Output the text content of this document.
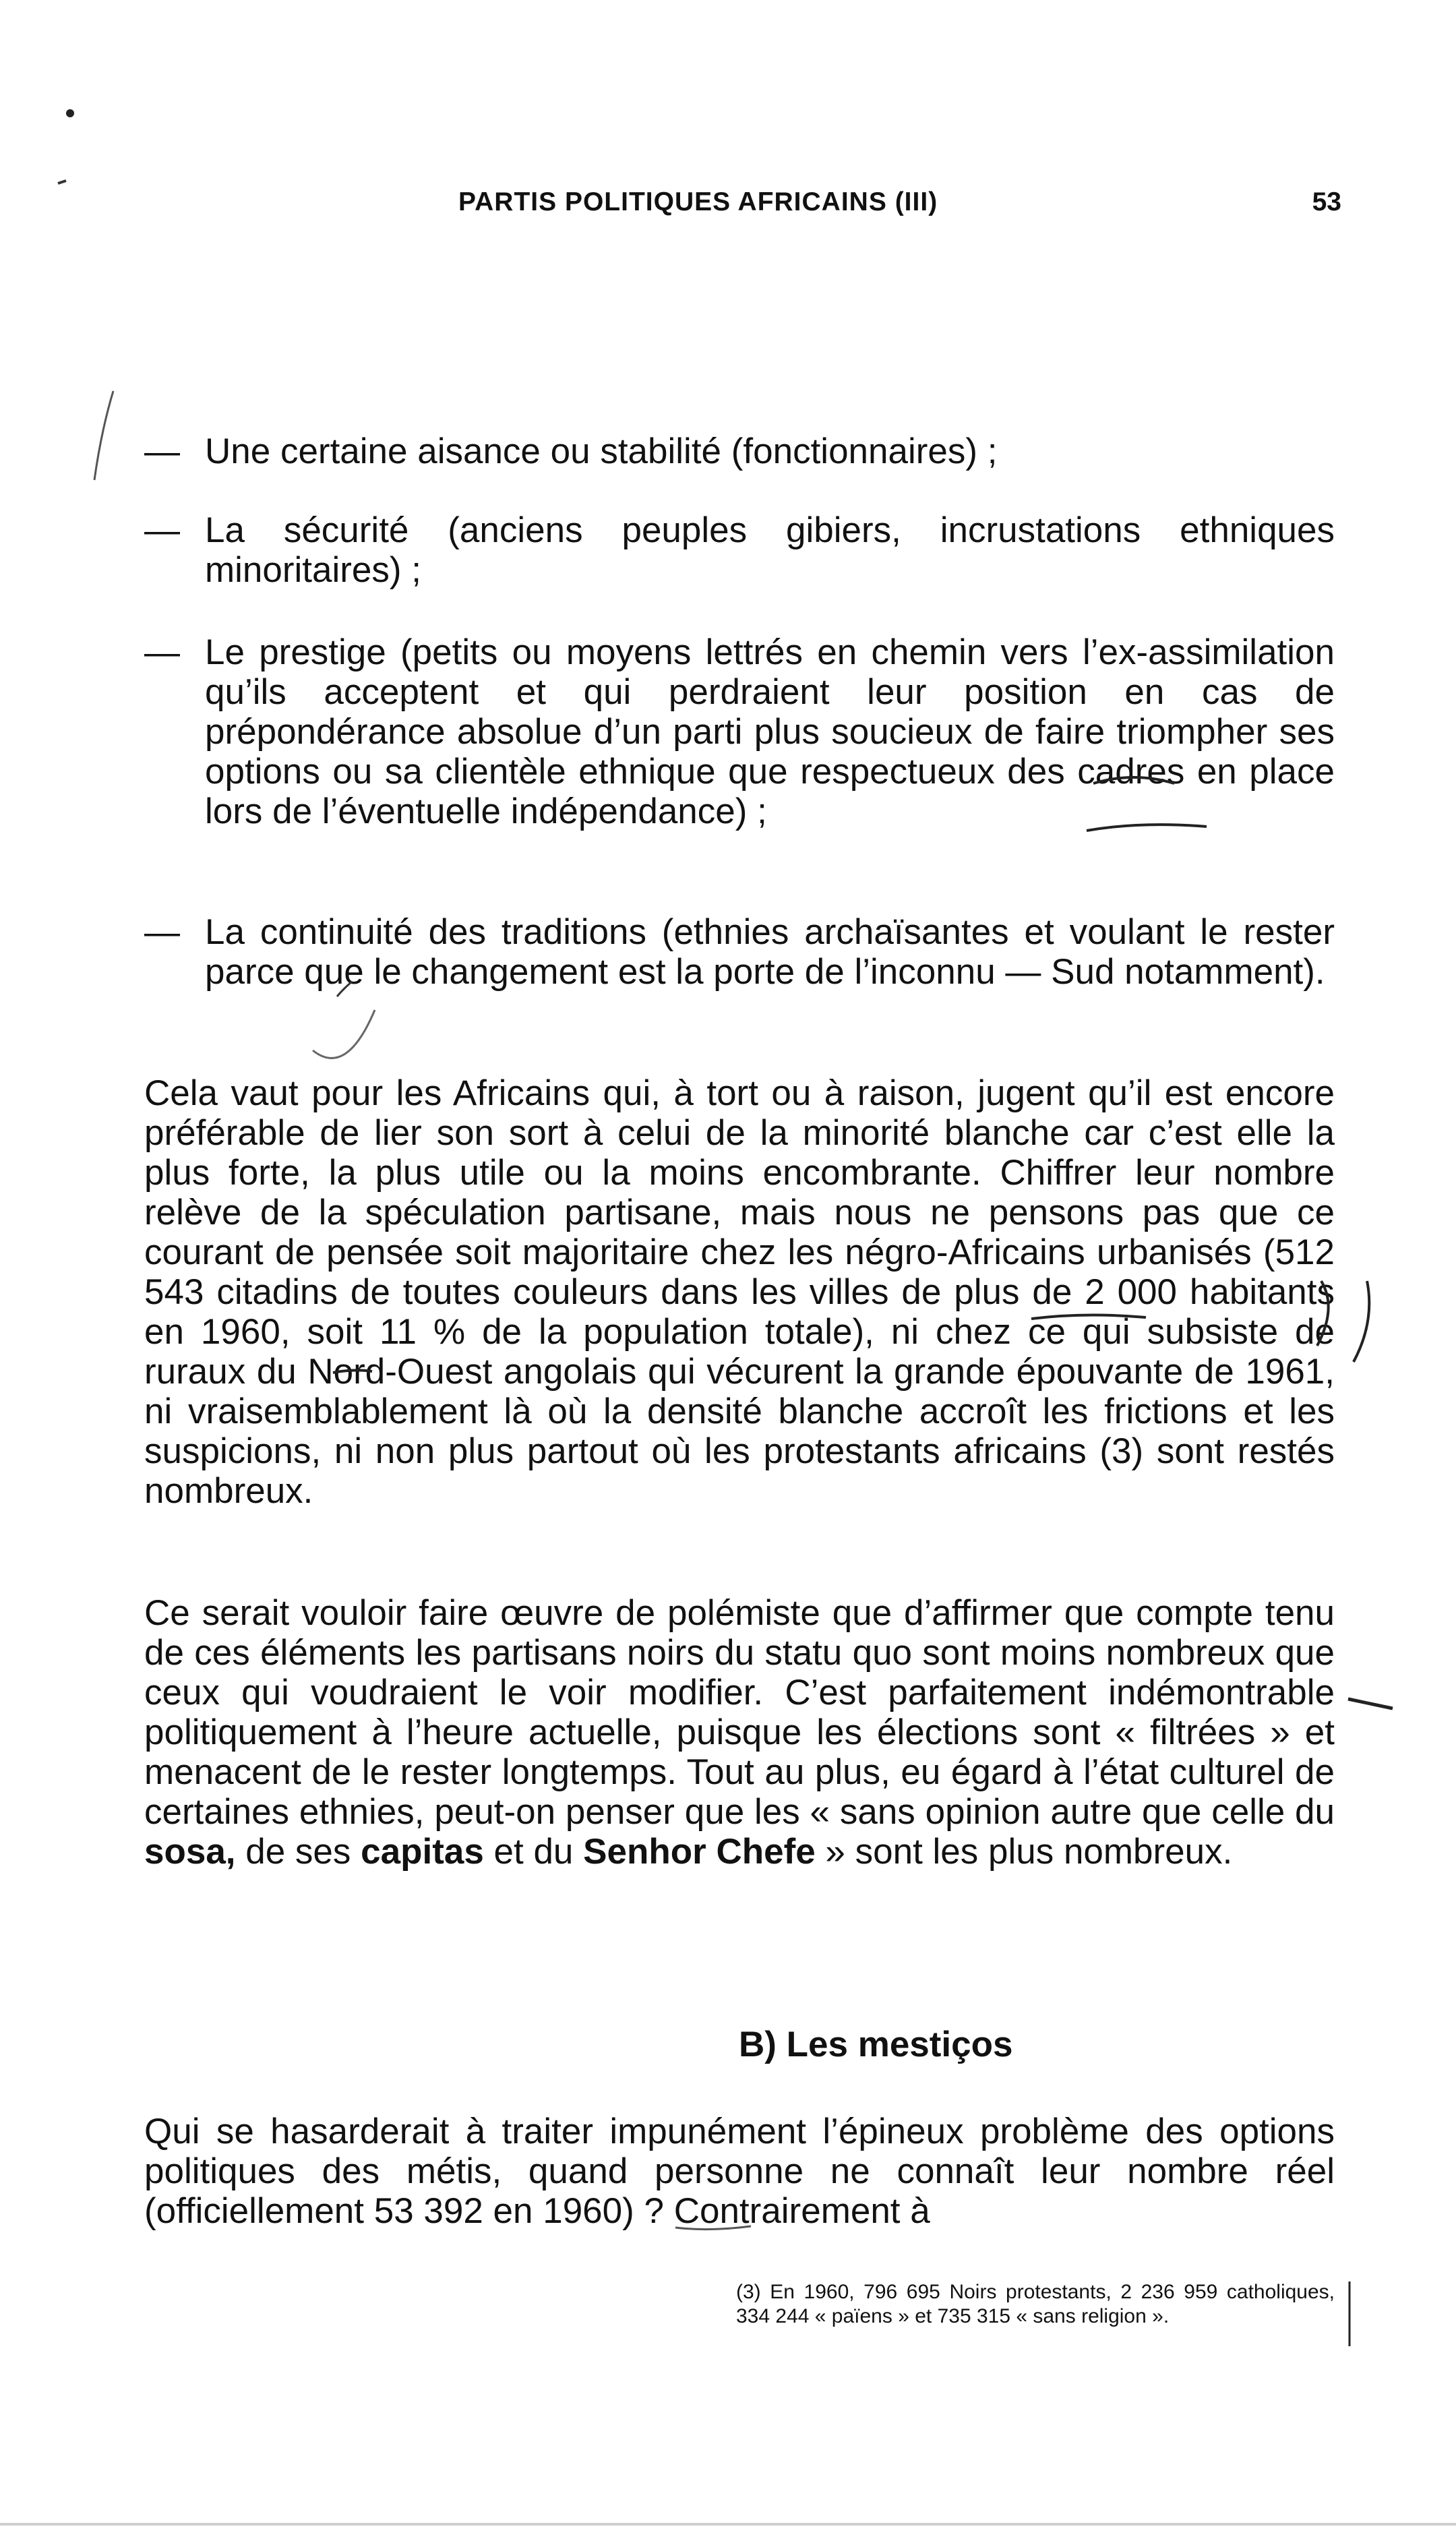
PARTIS POLITIQUES AFRICAINS (III)	53
— Une certaine aisance ou stabilité (fonctionnaires) ;
— La sécurité (anciens peuples gibiers, incrustations ethniques minoritaires) ;
— Le prestige (petits ou moyens lettrés en chemin vers l’ex-assimilation qu’ils acceptent et qui perdraient leur position en cas de prépondérance absolue d’un parti plus soucieux de faire triompher ses options ou sa clientèle ethnique que respectueux des cadres en place lors de l’éventuelle indépendance) ;
— La continuité des traditions (ethnies archaïsantes et voulant le rester parce que le changement est la porte de l’inconnu — Sud notamment).
Cela vaut pour les Africains qui, à tort ou à raison, jugent qu’il est encore préférable de lier son sort à celui de la minorité blanche car c’est elle la plus forte, la plus utile ou la moins encombrante. Chiffrer leur nombre relève de la spéculation partisane, mais nous ne pensons pas que ce courant de pensée soit majoritaire chez les négro-Africains urbanisés (512 543 citadins de toutes couleurs dans les villes de plus de 2 000 habitants en 1960, soit 11 % de la population totale), ni chez ce qui subsiste de ruraux du Nord-Ouest angolais qui vécurent la grande épouvante de 1961, ni vraisemblablement là où la densité blanche accroît les frictions et les suspicions, ni non plus partout où les protestants africains (3) sont restés nombreux.
Ce serait vouloir faire œuvre de polémiste que d’affirmer que compte tenu de ces éléments les partisans noirs du statu quo sont moins nombreux que ceux qui voudraient le voir modifier. C’est parfaitement indémontrable politiquement à l’heure actuelle, puisque les élections sont « filtrées » et menacent de le rester longtemps. Tout au plus, eu égard à l’état culturel de certaines ethnies, peut-on penser que les « sans opinion autre que celle du sosa, de ses capitas et du Senhor Chefe » sont les plus nombreux.
B) Les mestiços
Qui se hasarderait à traiter impunément l’épineux problème des options politiques des métis, quand personne ne connaît leur nombre réel (officiellement 53 392 en 1960) ? Contrairement à
(3) En 1960, 796 695 Noirs protestants, 2 236 959 catholiques, 334 244 « païens » et 735 315 « sans religion ».
